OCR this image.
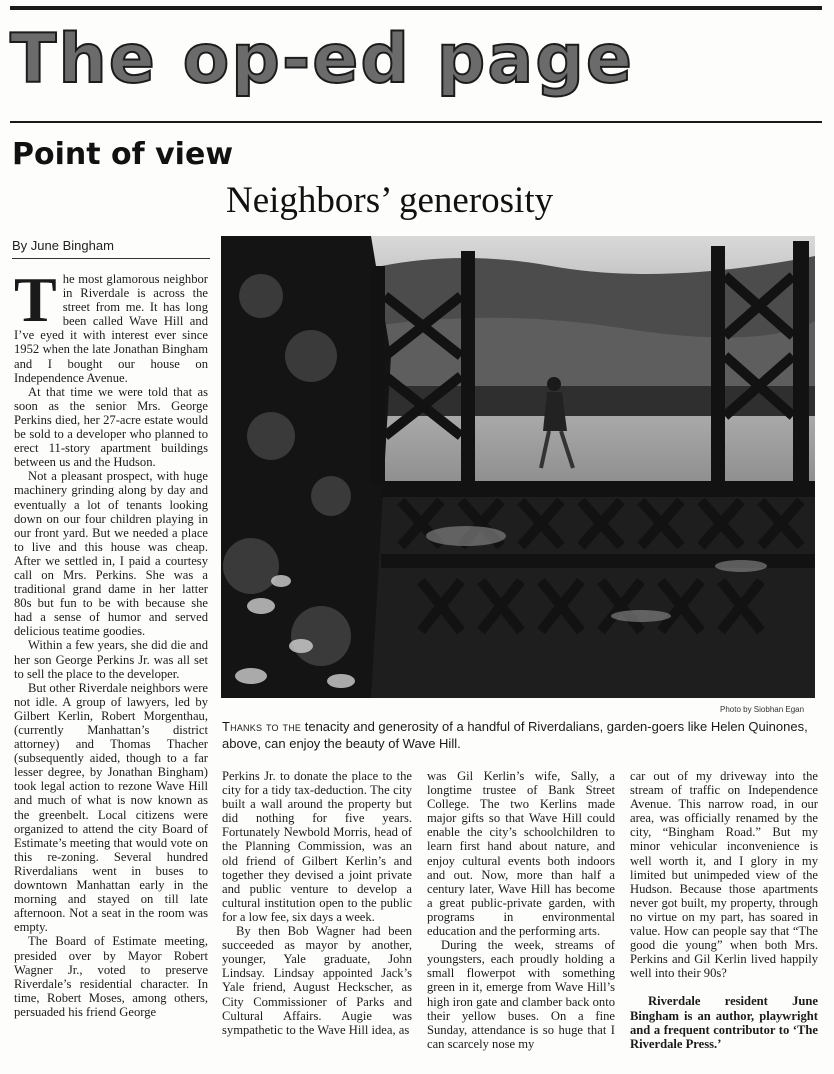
The op-ed page
Point of view
Neighbors’ generosity
By June Bingham
Photo by Siobhan Egan
Thanks to the tenacity and generosity of a handful of Riverdalians, garden-goers like Helen Quinones, above, can enjoy the beauty of Wave Hill.

The most glamorous neighbor in Riverdale is across the street from me. It has long been called Wave Hill and I’ve eyed it with interest ever since 1952 when the late Jonathan Bingham and I bought our house on Independence Avenue.

At that time we were told that as soon as the senior Mrs. George Perkins died, her 27-acre estate would be sold to a developer who planned to erect 11-story apartment buildings between us and the Hudson.

Not a pleasant prospect, with huge machinery grinding along by day and eventually a lot of tenants looking down on our four children playing in our front yard. But we needed a place to live and this house was cheap. After we settled in, I paid a courtesy call on Mrs. Perkins. She was a traditional grand dame in her latter 80s but fun to be with because she had a sense of humor and served delicious teatime goodies.

Within a few years, she did die and her son George Perkins Jr. was all set to sell the place to the developer.

But other Riverdale neighbors were not idle. A group of lawyers, led by Gilbert Kerlin, Robert Morgenthau, (currently Manhattan’s district attorney) and Thomas Thacher (subsequently aided, though to a far lesser degree, by Jonathan Bingham) took legal action to rezone Wave Hill and much of what is now known as the greenbelt. Local citizens were organized to attend the city Board of Estimate’s meeting that would vote on this re-zoning. Several hundred Riverdalians went in buses to downtown Manhattan early in the morning and stayed on till late afternoon. Not a seat in the room was empty.

The Board of Estimate meeting, presided over by Mayor Robert Wagner Jr., voted to preserve Riverdale’s residential character. In time, Robert Moses, among others, persuaded his friend George

Perkins Jr. to donate the place to the city for a tidy tax-deduction. The city built a wall around the property but did nothing for five years. Fortunately Newbold Morris, head of the Planning Commission, was an old friend of Gilbert Kerlin’s and together they devised a joint private and public venture to develop a cultural institution open to the public for a low fee, six days a week.

By then Bob Wagner had been succeeded as mayor by another, younger, Yale graduate, John Lindsay. Lindsay appointed Jack’s Yale friend, August Heckscher, as City Commissioner of Parks and Cultural Affairs. Augie was sympathetic to the Wave Hill idea, as

was Gil Kerlin’s wife, Sally, a longtime trustee of Bank Street College. The two Kerlins made major gifts so that Wave Hill could enable the city’s schoolchildren to learn first hand about nature, and enjoy cultural events both indoors and out. Now, more than half a century later, Wave Hill has become a great public-private garden, with programs in environmental education and the performing arts.

During the week, streams of youngsters, each proudly holding a small flowerpot with something green in it, emerge from Wave Hill’s high iron gate and clamber back onto their yellow buses. On a fine Sunday, attendance is so huge that I can scarcely nose my

car out of my driveway into the stream of traffic on Independence Avenue. This narrow road, in our area, was officially renamed by the city, “Bingham Road.” But my minor vehicular inconvenience is well worth it, and I glory in my limited but unimpeded view of the Hudson. Because those apartments never got built, my property, through no virtue on my part, has soared in value. How can people say that “The good die young” when both Mrs. Perkins and Gil Kerlin lived happily well into their 90s?

Riverdale resident June Bingham is an author, playwright and a frequent contributor to ‘The Riverdale Press.’
